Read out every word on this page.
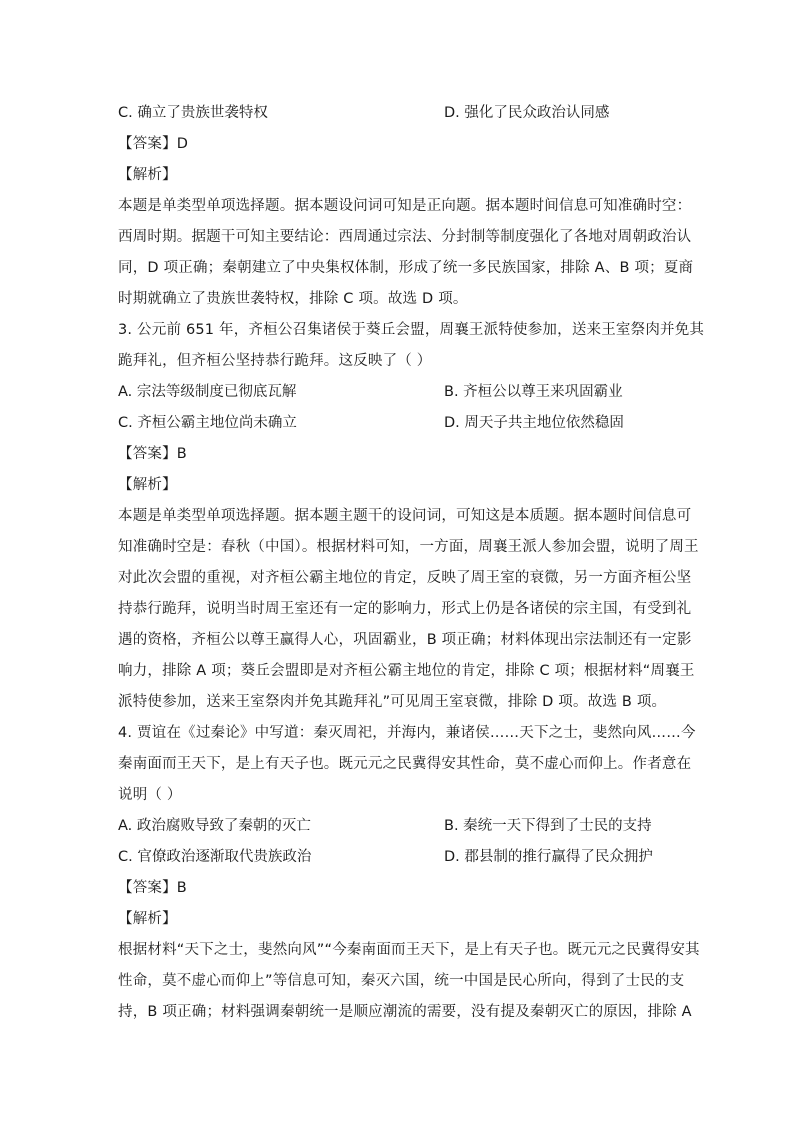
C. 确立了贵族世袭特权	D. 强化了民众政治认同感
【答案】D
【解析】
本题是单类型单项选择题。据本题设问词可知是正向题。据本题时间信息可知准确时空：
西周时期。据题干可知主要结论：西周通过宗法、分封制等制度强化了各地对周朝政治认
同，D 项正确；秦朝建立了中央集权体制，形成了统一多民族国家，排除 A、B 项；夏商
时期就确立了贵族世袭特权，排除 C 项。故选 D 项。
3. 公元前 651 年，齐桓公召集诸侯于葵丘会盟，周襄王派特使参加，送来王室祭肉并免其
跪拜礼，但齐桓公坚持恭行跪拜。这反映了（ ）
A. 宗法等级制度已彻底瓦解	B. 齐桓公以尊王来巩固霸业
C. 齐桓公霸主地位尚未确立	D. 周天子共主地位依然稳固
【答案】B
【解析】
本题是单类型单项选择题。据本题主题干的设问词，可知这是本质题。据本题时间信息可
知准确时空是：春秋（中国）。根据材料可知，一方面，周襄王派人参加会盟，说明了周王
对此次会盟的重视，对齐桓公霸主地位的肯定，反映了周王室的衰微，另一方面齐桓公坚
持恭行跪拜，说明当时周王室还有一定的影响力，形式上仍是各诸侯的宗主国，有受到礼
遇的资格，齐桓公以尊王赢得人心，巩固霸业，B 项正确；材料体现出宗法制还有一定影
响力，排除 A 项；葵丘会盟即是对齐桓公霸主地位的肯定，排除 C 项；根据材料“周襄王
派特使参加，送来王室祭肉并免其跪拜礼”可见周王室衰微，排除 D 项。故选 B 项。
4. 贾谊在《过秦论》中写道：秦灭周祀，并海内，兼诸侯……天下之士，斐然向风……今
秦南面而王天下，是上有天子也。既元元之民冀得安其性命，莫不虚心而仰上。作者意在
说明（ ）
A. 政治腐败导致了秦朝的灭亡	B. 秦统一天下得到了士民的支持
C. 官僚政治逐渐取代贵族政治	D. 郡县制的推行赢得了民众拥护
【答案】B
【解析】
根据材料“天下之士，斐然向风”“今秦南面而王天下，是上有天子也。既元元之民冀得安其
性命，莫不虚心而仰上”等信息可知，秦灭六国，统一中国是民心所向，得到了士民的支
持，B 项正确；材料强调秦朝统一是顺应潮流的需要，没有提及秦朝灭亡的原因，排除 A
